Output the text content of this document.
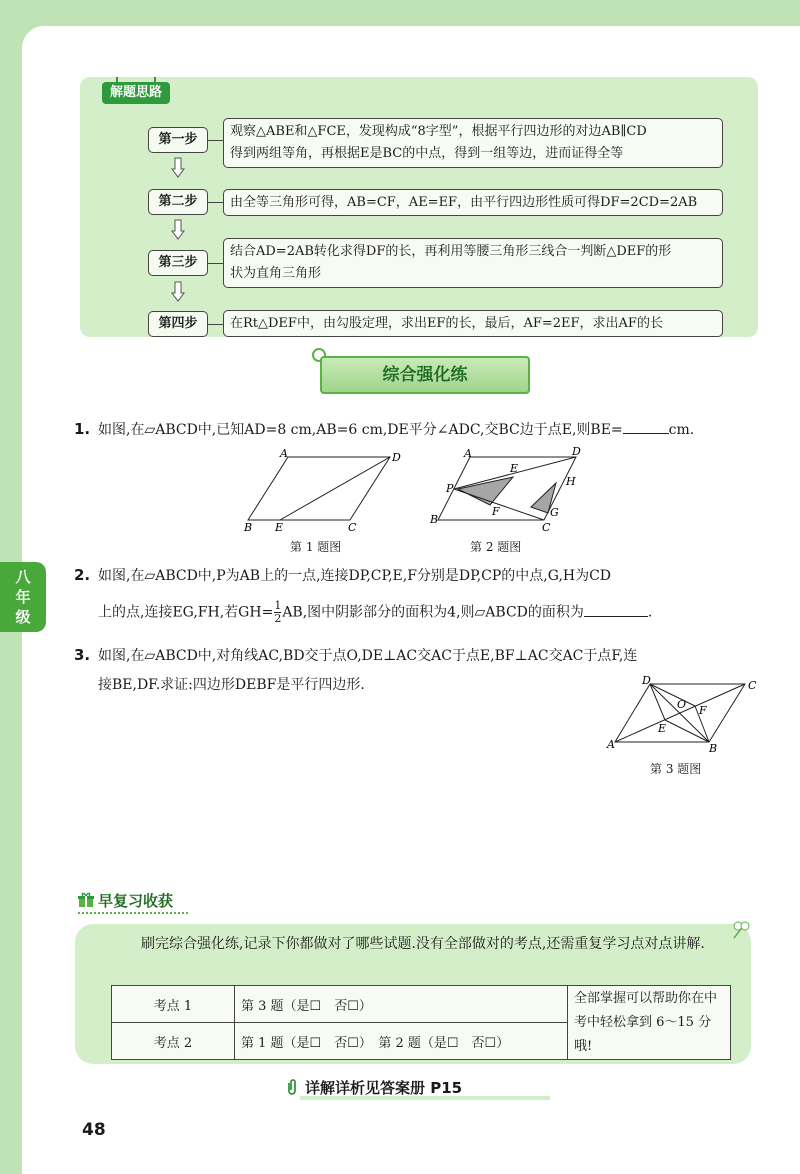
解题思路
第一步
观察△ABE和△FCE，发现构成“8字型”，根据平行四边形的对边AB∥CD
得到两组等角，再根据E是BC的中点，得到一组等边，进而证得全等
第二步	由全等三角形可得，AB=CF，AE=EF，由平行四边形性质可得DF=2CD=2AB
第三步
结合AD=2AB转化求得DF的长，再利用等腰三角形三线合一判断△DEF的形
状为直角三角形
第四步	在Rt△DEF中，由勾股定理，求出EF的长，最后，AF=2EF，求出AF的长
综合强化练
1. 如图,在▱ABCD中,已知AD=8 cm,AB=6 cm,DE平分∠ADC,交BC边于点E,则BE=	cm.
A	D
B E	C
第 1 题图
A	D
E
H
P
F	G
B
C
第 2 题图
八
年
级
2. 如图,在▱ABCD中,P为AB上的一点,连接DP,CP,E,F分别是DP,CP的中点,G,H为CD
上的点,连接EG,FH,若$GH= \frac{1}{2}$ AB,图中阴影部分的面积为4,则▱ABCD的面积为	.
3. 如图,在▱ABCD中,对角线AC,BD交于点O,DE⊥AC交AC于点E,BF⊥AC交AC于点F,连
接BE,DF.求证:四边形DEBF是平行四边形.	D	C
O F
E
A	B
第 3 题图
早复习收获
刷完综合强化练,记录下你都做对了哪些试题.没有全部做对的考点,还需重复学习点对点讲解.
考点 1	第 3 题（是☐　否☐）	全部掌握可以帮助你在中考中轻松拿到 6～15 分哦!
考点 2	第 1 题（是☐　否☐）　第 2 题（是☐　否☐）	
详解详析见答案册 P15
48
